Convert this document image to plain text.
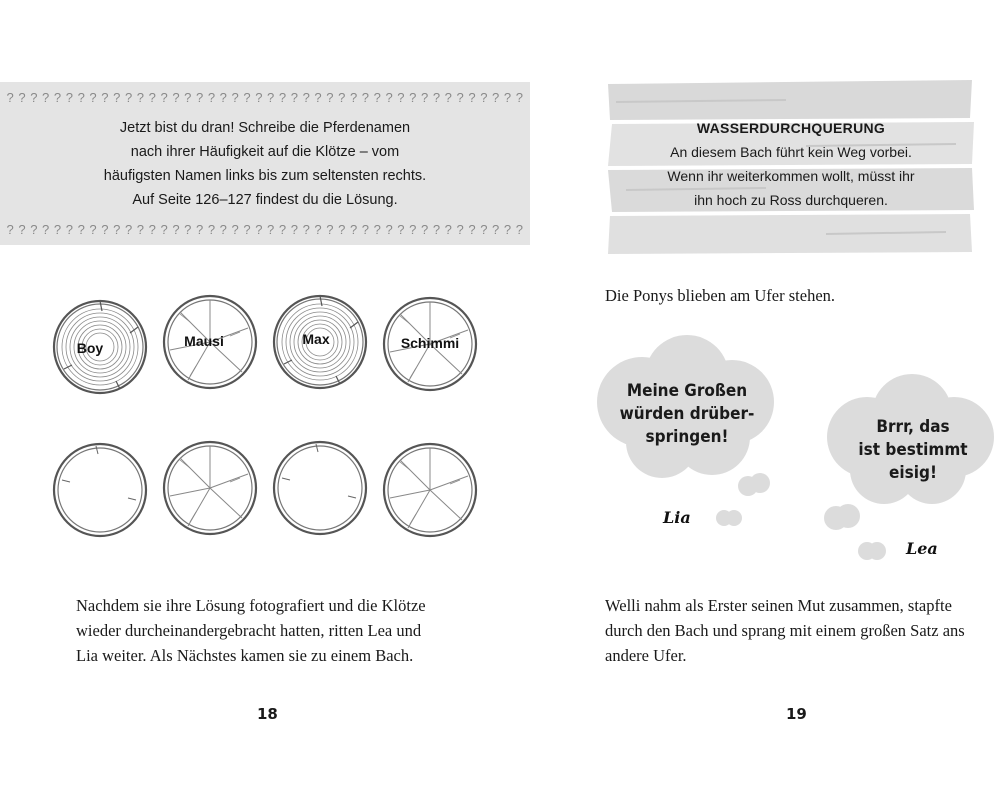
? ? ? ? ? ? ? ? ? ? ? ? ? ? ? ? ? ? ? ? ? ? ? ? ? ? ? ? ? ? ? ? ? ? ? ? ? ? ? ? ? ? ? ?
Jetzt bist du dran! Schreibe die Pferdenamen
nach ihrer Häufigkeit auf die Klötze – vom
häufigsten Namen links bis zum seltensten rechts.
Auf Seite 126–127 findest du die Lösung.
? ? ? ? ? ? ? ? ? ? ? ? ? ? ? ? ? ? ? ? ? ? ? ? ? ? ? ? ? ? ? ? ? ? ? ? ? ? ? ? ? ? ? ?
Boy	Mausi	Max	Schimmi
Nachdem sie ihre Lösung fotografiert und die Klötze
wieder durcheinandergebracht hatten, ritten Lea und
Lia weiter. Als Nächstes kamen sie zu einem Bach.
18
WASSERDURCHQUERUNG
An diesem Bach führt kein Weg vorbei.
Wenn ihr weiterkommen wollt, müsst ihr
ihn hoch zu Ross durchqueren.
Die Ponys blieben am Ufer stehen.
Meine Großen
würden drüber-
springen!
Lia
Brrr, das
ist bestimmt
eisig!
Lea
Welli nahm als Erster seinen Mut zusammen, stapfte
durch den Bach und sprang mit einem großen Satz ans
andere Ufer.
19
